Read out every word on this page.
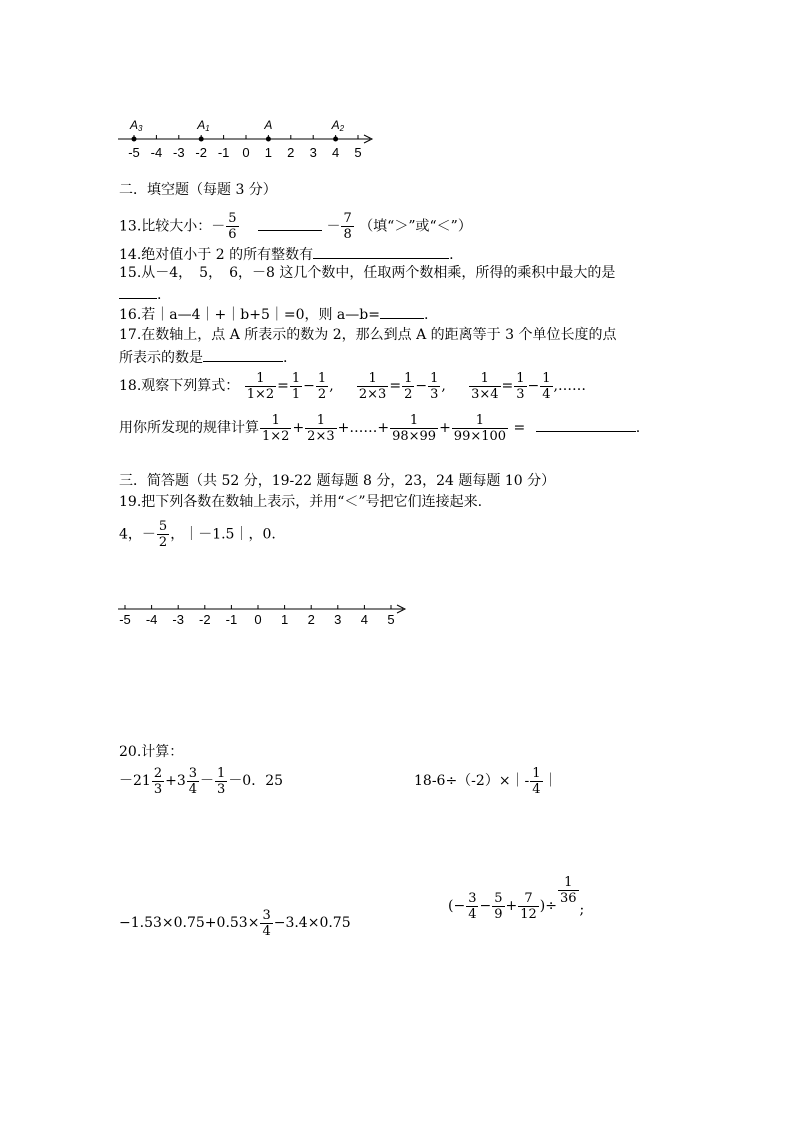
-5 -4 -3 -2 -1 0 1 2 3 4 5
A3	A1	A	A2
二．填空题（每题 3 分）
13.比较大小：－ $\frac{5}{6}$	－ $\frac{7}{8}$ （填“＞”或“＜”）
14.绝对值小于 2 的所有整数有	.
15.从－4，　5，　6，－8 这几个数中，任取两个数相乘，所得的乘积中最大的是
.
16.若｜a—4｜+｜b+5｜=0，则 a—b=	.
17.在数轴上，点 A 所表示的数为 2，那么到点 A 的距离等于 3 个单位长度的点
所表示的数是	.
18.观察下列算式： $\frac{1}{1\times 2} = \frac{1}{1} - \frac{1}{2}$ , $\frac{1}{2\times 3} = \frac{1}{2} - \frac{1}{3}$ , $\frac{1}{3\times 4} = \frac{1}{3} - \frac{1}{4}$ ,……
用你所发现的规律计算 $\frac{1}{1\times 2} + \frac{1}{2\times 3}$ +……+ $\frac{1}{98\times 99} + \frac{1}{99\times 100}$ =	.
三．简答题（共 52 分，19-22 题每题 8 分，23，24 题每题 10 分）
19.把下列各数在数轴上表示，并用“＜”号把它们连接起来.
4，－ $\frac{5}{2}$ ，｜－1.5｜，0.
-5 -4 -3 -2 -1 0 1 2 3 4 5
20.计算：
$-21 \frac{2}{3} +3 \frac{3}{4} - \frac{1}{3} -0$．25	18-6÷（-2）×｜- $\frac{1}{4}$ ｜
$-1.53\times 0.75+0.53\times \frac{3}{4} -3.4\times 0.75$
(− $\frac{3}{4} - \frac{5}{9} + \frac{7}{12}$ )÷
$\frac{1}{36}$
;
